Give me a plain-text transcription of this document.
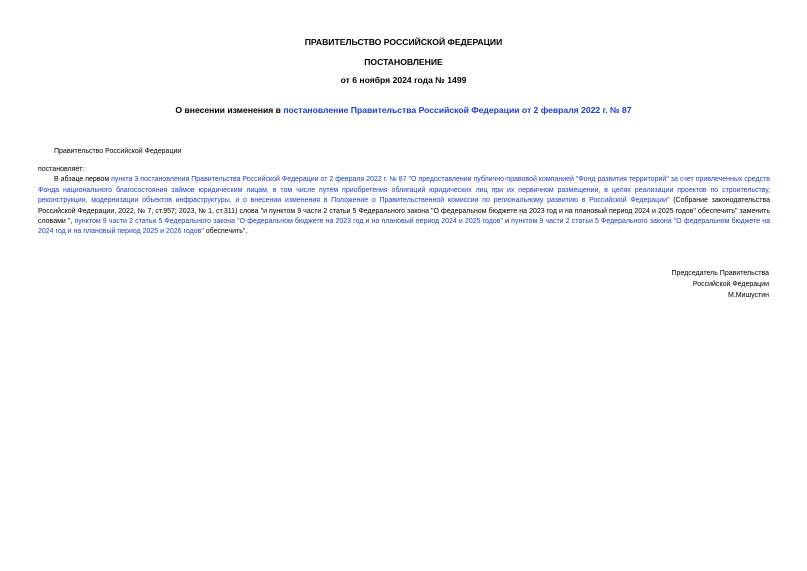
ПРАВИТЕЛЬСТВО РОССИЙСКОЙ ФЕДЕРАЦИИ
ПОСТАНОВЛЕНИЕ
от 6 ноября 2024 года № 1499
О внесении изменения в постановление Правительства Российской Федерации от 2 февраля 2022 г. № 87
Правительство Российской Федерации

постановляет:

В абзаце первом пункта 3 постановления Правительства Российской Федерации от 2 февраля 2022 г. № 87 "О предоставлении публично-правовой компанией "Фонд развития территорий" за счет привлеченных средств Фонда национального благосостояния займов юридическим лицам, в том числе путем приобретения облигаций юридических лиц при их первичном размещении, в целях реализации проектов по строительству, реконструкции, модернизации объектов инфраструктуры, и о внесении изменения в Положение о Правительственной комиссии по региональному развитию в Российской Федерации" (Собрание законодательства Российской Федерации, 2022, № 7, ст.957; 2023, № 1, ст.311) слова "и пунктом 9 части 2 статьи 5 Федерального закона "О федеральном бюджете на 2023 год и на плановый период 2024 и 2025 годов" обеспечить" заменить словами ", пунктом 9 части 2 статьи 5 Федерального закона "О федеральном бюджете на 2023 год и на плановый период 2024 и 2025 годов" и пунктом 9 части 2 статьи 5 Федерального закона "О федеральном бюджете на 2024 год и на плановый период 2025 и 2026 годов" обеспечить".

Председатель Правительства
Российской Федерации
М.Мишустин
